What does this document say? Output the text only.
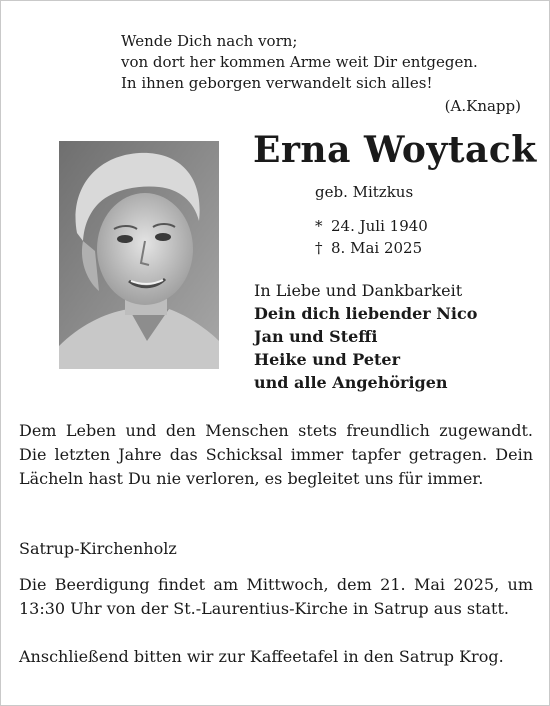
Wende Dich nach vorn;
von dort her kommen Arme weit Dir entgegen.
In ihnen geborgen verwandelt sich alles!
(A.Knapp)
Erna Woytack
geb. Mitzkus
* 24. Juli 1940
† 8. Mai 2025
In Liebe und Dankbarkeit
Dein dich liebender Nico
Jan und Steffi
Heike und Peter
und alle Angehörigen

Dem Leben und den Menschen stets freundlich zugewandt. Die letzten Jahre das Schicksal immer tapfer getragen. Dein Lächeln hast Du nie verloren, es begleitet uns für immer.

Satrup-Kirchenholz

Die Beerdigung findet am Mittwoch, dem 21. Mai 2025, um 13:30 Uhr von der St.-Laurentius-Kirche in Satrup aus statt.

Anschließend bitten wir zur Kaffeetafel in den Satrup Krog.
